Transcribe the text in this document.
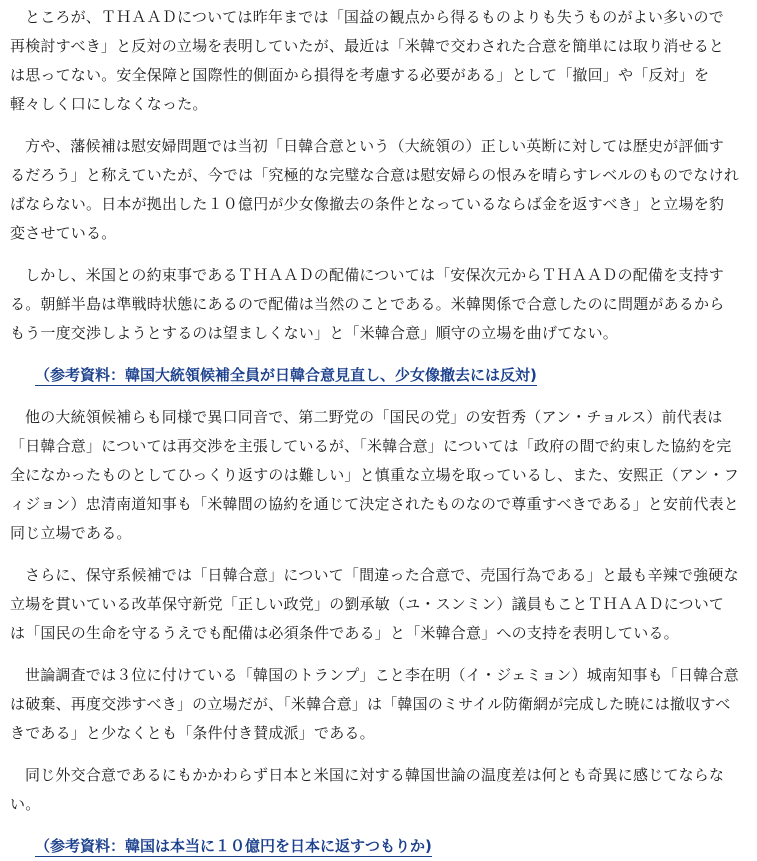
ところが、ＴＨＡＡＤについては昨年までは「国益の観点から得るものよりも失うものがよい多いので再検討すべき」と反対の立場を表明していたが、最近は「米韓で交わされた合意を簡単には取り消せるとは思ってない。安全保障と国際性的側面から損得を考慮する必要がある」として「撤回」や「反対」を軽々しく口にしなくなった。

方や、藩候補は慰安婦問題では当初「日韓合意という（大統領の）正しい英断に対しては歴史が評価するだろう」と称えていたが、今では「究極的な完璧な合意は慰安婦らの恨みを晴らすレベルのものでなければならない。日本が拠出した１０億円が少女像撤去の条件となっているならば金を返すべき」と立場を豹変させている。

しかし、米国との約束事であるＴＨＡＡＤの配備については「安保次元からＴＨＡＡＤの配備を支持する。朝鮮半島は準戦時状態にあるので配備は当然のことである。米韓関係で合意したのに問題があるからもう一度交渉しようとするのは望ましくない」と「米韓合意」順守の立場を曲げてない。

（参考資料：韓国大統領候補全員が日韓合意見直し、少女像撤去には反対)

他の大統領候補らも同様で異口同音で、第二野党の「国民の党」の安哲秀（アン・チョルス）前代表は「日韓合意」については再交渉を主張しているが、「米韓合意」については「政府の間で約束した協約を完全になかったものとしてひっくり返すのは難しい」と慎重な立場を取っているし、また、安熙正（アン・フィジョン）忠清南道知事も「米韓間の協約を通じて決定されたものなので尊重すべきである」と安前代表と同じ立場である。

さらに、保守系候補では「日韓合意」について「間違った合意で、売国行為である」と最も辛辣で強硬な立場を貫いている改革保守新党「正しい政党」の劉承敏（ユ・スンミン）議員もことＴＨＡＡＤについては「国民の生命を守るうえでも配備は必須条件である」と「米韓合意」への支持を表明している。

世論調査では３位に付けている「韓国のトランプ」こと李在明（イ・ジェミョン）城南知事も「日韓合意は破棄、再度交渉すべき」の立場だが、「米韓合意」は「韓国のミサイル防衛網が完成した暁には撤収すべきである」と少なくとも「条件付き賛成派」である。

同じ外交合意であるにもかかわらず日本と米国に対する韓国世論の温度差は何とも奇異に感じてならない。

（参考資料：韓国は本当に１０億円を日本に返すつもりか)
